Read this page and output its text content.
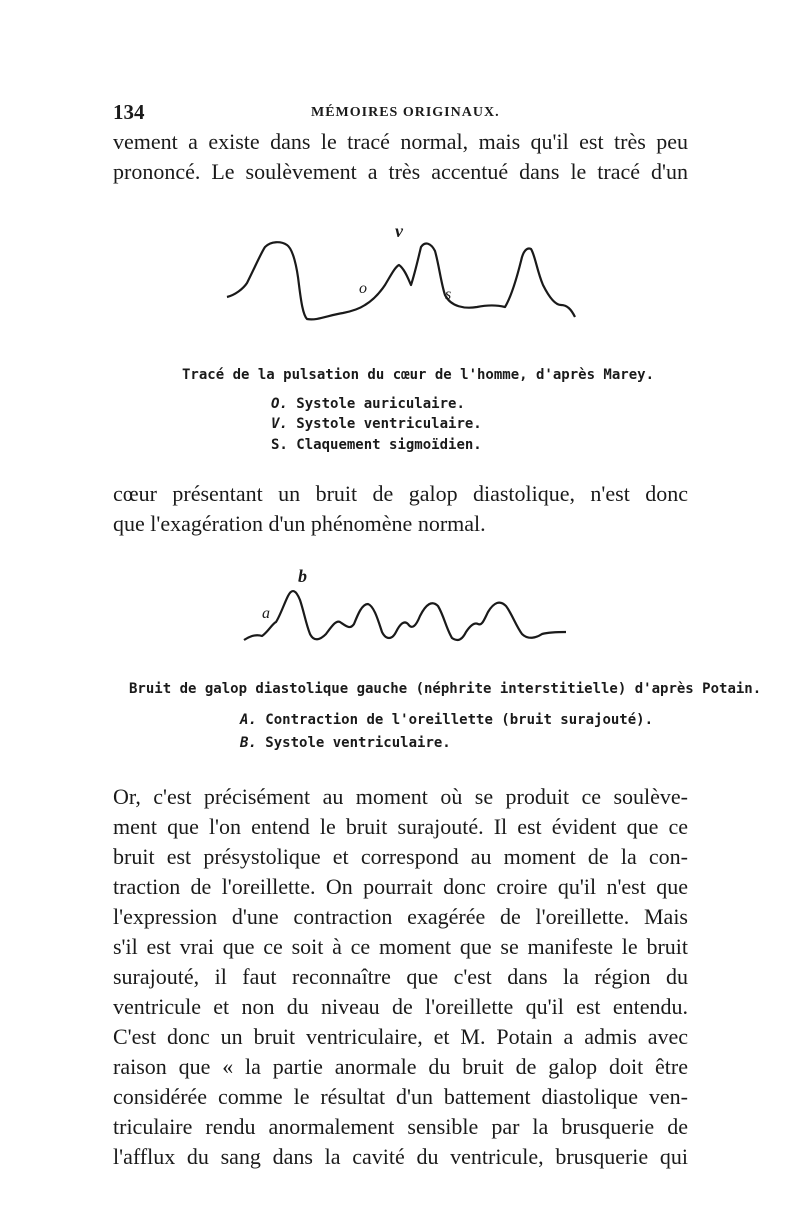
134	MÉMOIRES ORIGINAUX.
vement a existe dans le tracé normal, mais qu'il est très peu
prononcé. Le soulèvement a très accentué dans le tracé d'un
v
o	s
Tracé de la pulsation du cœur de l'homme, d'après Marey.
O. Systole auriculaire.
V. Systole ventriculaire.
S. Claquement sigmoïdien.
cœur présentant un bruit de galop diastolique, n'est donc
que l'exagération d'un phénomène normal.
b
a
Bruit de galop diastolique gauche (néphrite interstitielle) d'après Potain.
A. Contraction de l'oreillette (bruit surajouté).
B. Systole ventriculaire.
Or, c'est précisément au moment où se produit ce soulève-
ment que l'on entend le bruit surajouté. Il est évident que ce
bruit est présystolique et correspond au moment de la con-
traction de l'oreillette. On pourrait donc croire qu'il n'est que
l'expression d'une contraction exagérée de l'oreillette. Mais
s'il est vrai que ce soit à ce moment que se manifeste le bruit
surajouté, il faut reconnaître que c'est dans la région du
ventricule et non du niveau de l'oreillette qu'il est entendu.
C'est donc un bruit ventriculaire, et M. Potain a admis avec
raison que « la partie anormale du bruit de galop doit être
considérée comme le résultat d'un battement diastolique ven-
triculaire rendu anormalement sensible par la brusquerie de
l'afflux du sang dans la cavité du ventricule, brusquerie qui
